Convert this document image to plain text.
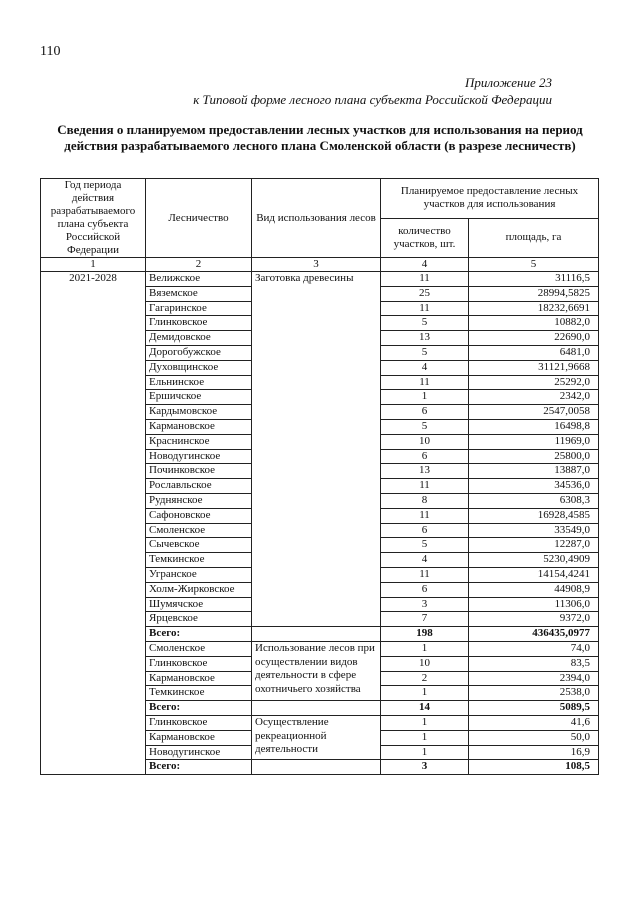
110
Приложение 23
к Типовой форме лесного плана субъекта Российской Федерации
Сведения о планируемом предоставлении лесных участков для использования на период действия разрабатываемого лесного плана Смоленской области (в разрезе лесничеств)
Год периода действия разрабатываемого плана субъекта Российской Федерации	Лесничество	Вид использования лесов	Планируемое предоставление лесных участков для использования	
			количество участков, шт.	площадь, га
1	2	3	4	5
2021-2028	Велижское	Заготовка древесины	11	31116,5
	Вяземское		25	28994,5825
	Гагаринское		11	18232,6691
	Глинковское		5	10882,0
	Демидовское		13	22690,0
	Дорогобужское		5	6481,0
	Духовщинское		4	31121,9668
	Ельнинское		11	25292,0
	Ершичское		1	2342,0
	Кардымовское		6	2547,0058
	Кармановское		5	16498,8
	Краснинское		10	11969,0
	Новодугинское		6	25800,0
	Починковское		13	13887,0
	Рославльское		11	34536,0
	Руднянское		8	6308,3
	Сафоновское		11	16928,4585
	Смоленское		6	33549,0
	Сычевское		5	12287,0
	Темкинское		4	5230,4909
	Угранское		11	14154,4241
	Холм-Жирковское		6	44908,9
	Шумячское		3	11306,0
	Ярцевское		7	9372,0
	Всего:		198	436435,0977
	Смоленское	Использование лесов при осуществлении видов деятельности в сфере охотничьего хозяйства	1	74,0
	Глинковское		10	83,5
	Кармановское		2	2394,0
	Темкинское		1	2538,0
	Всего:		14	5089,5
	Глинковское	Осуществление рекреационной деятельности	1	41,6
	Кармановское		1	50,0
	Новодугинское		1	16,9
	Всего:		3	108,5
